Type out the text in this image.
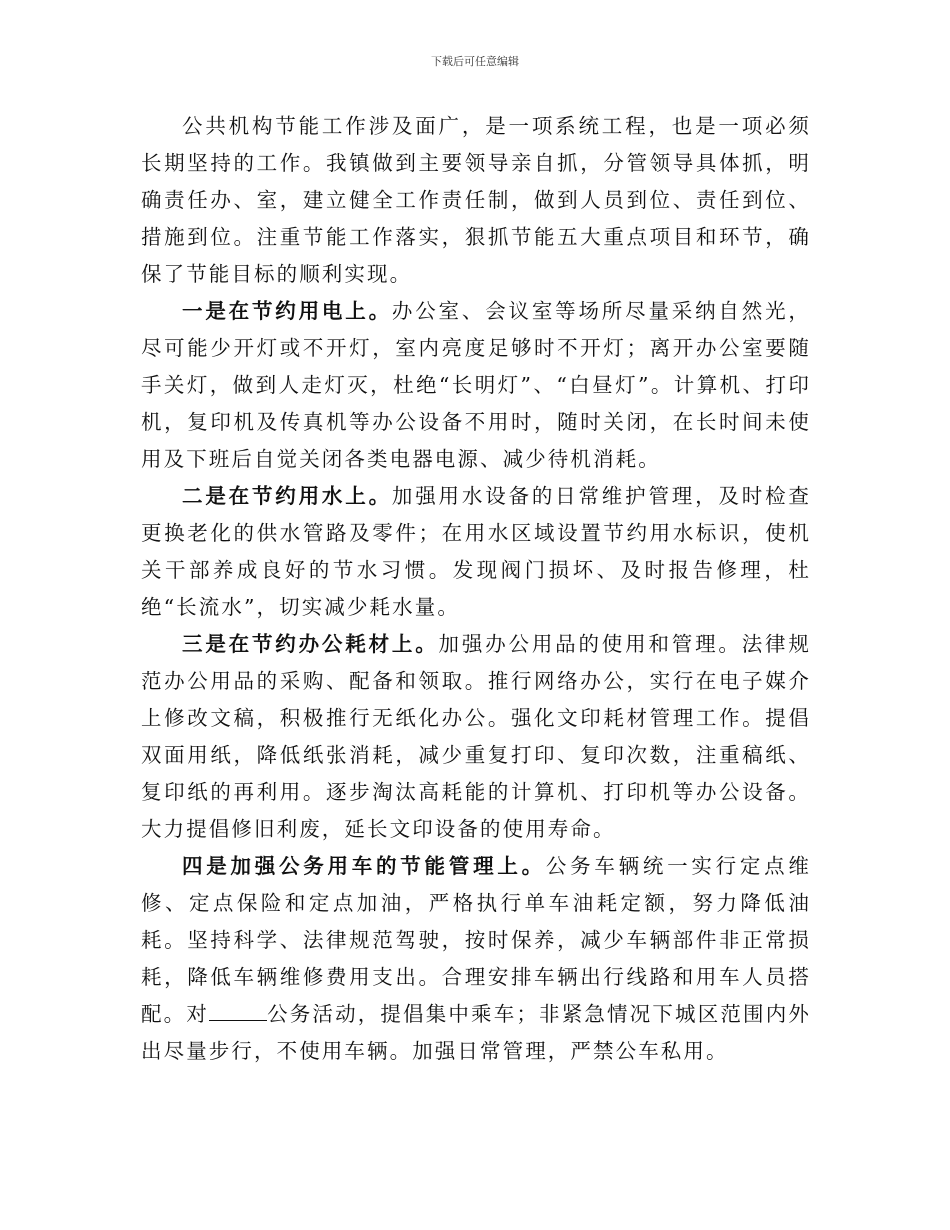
下载后可任意编辑

公共机构节能工作涉及面广，是一项系统工程，也是一项必须长期坚持的工作。我镇做到主要领导亲自抓，分管领导具体抓，明确责任办、室，建立健全工作责任制，做到人员到位、责任到位、措施到位。注重节能工作落实，狠抓节能五大重点项目和环节，确保了节能目标的顺利实现。

一是在节约用电上。办公室、会议室等场所尽量采纳自然光，尽可能少开灯或不开灯，室内亮度足够时不开灯；离开办公室要随手关灯，做到人走灯灭，杜绝“长明灯”、“白昼灯”。计算机、打印机，复印机及传真机等办公设备不用时，随时关闭，在长时间未使用及下班后自觉关闭各类电器电源、减少待机消耗。

二是在节约用水上。加强用水设备的日常维护管理，及时检查更换老化的供水管路及零件；在用水区域设置节约用水标识，使机关干部养成良好的节水习惯。发现阀门损坏、及时报告修理，杜绝“长流水”，切实减少耗水量。

三是在节约办公耗材上。加强办公用品的使用和管理。法律规范办公用品的采购、配备和领取。推行网络办公，实行在电子媒介上修改文稿，积极推行无纸化办公。强化文印耗材管理工作。提倡双面用纸，降低纸张消耗，减少重复打印、复印次数，注重稿纸、复印纸的再利用。逐步淘汰高耗能的计算机、打印机等办公设备。大力提倡修旧利废，延长文印设备的使用寿命。

四是加强公务用车的节能管理上。公务车辆统一实行定点维修、定点保险和定点加油，严格执行单车油耗定额，努力降低油耗。坚持科学、法律规范驾驶，按时保养，减少车辆部件非正常损耗，降低车辆维修费用支出。合理安排车辆出行线路和用车人员搭配。对	公务活动，提倡集中乘车；非紧急情况下城区范围内外出尽量步行，不使用车辆。加强日常管理，严禁公车私用。
